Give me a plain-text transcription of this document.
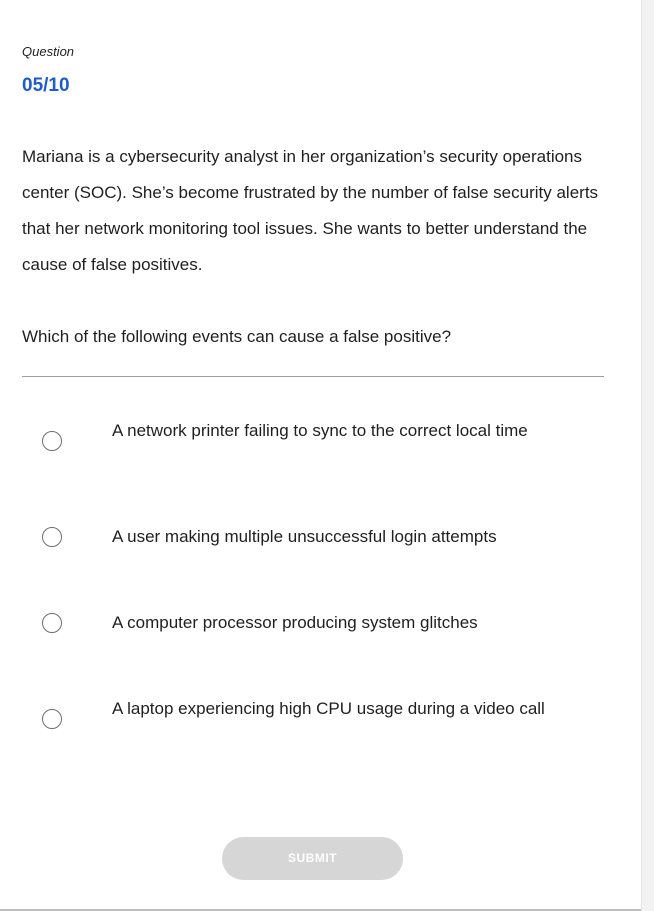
Question
05/10

Mariana is a cybersecurity analyst in her organization’s security operations center (SOC). She’s become frustrated by the number of false security alerts that her network monitoring tool issues. She wants to better understand the cause of false positives.

Which of the following events can cause a false positive?

A network printer failing to sync to the correct local time
A user making multiple unsuccessful login attempts
A computer processor producing system glitches
A laptop experiencing high CPU usage during a video call
SUBMIT
